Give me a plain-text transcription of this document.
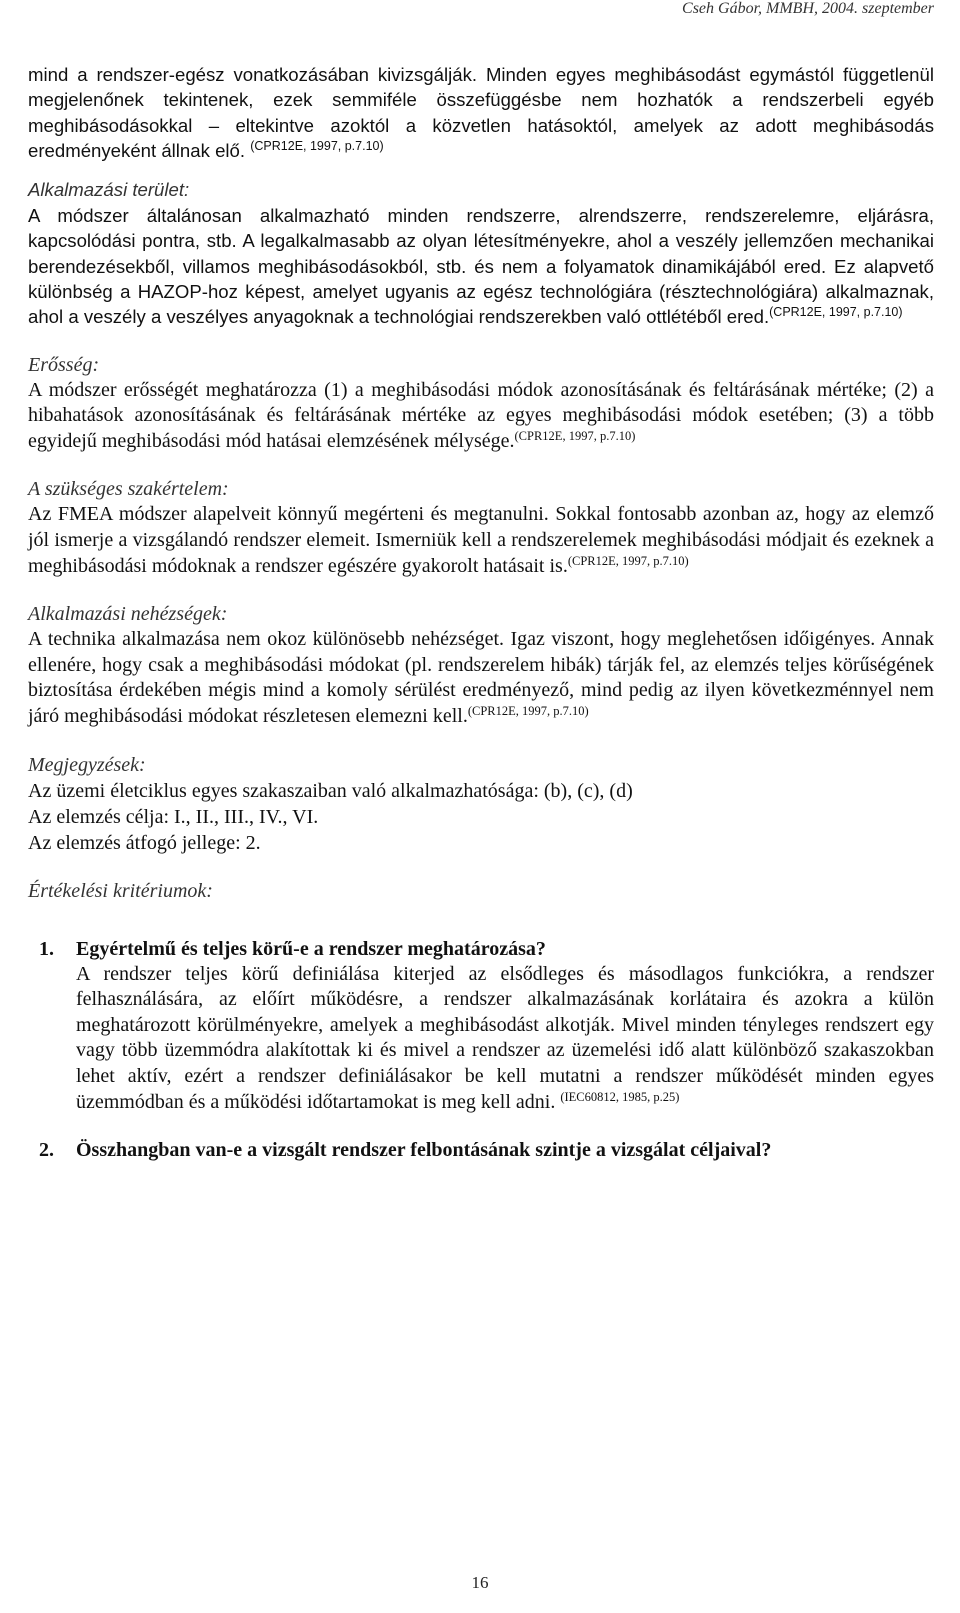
Cseh Gábor, MMBH, 2004. szeptember

mind a rendszer-egész vonatkozásában kivizsgálják. Minden egyes meghibásodást egymástól függetlenül megjelenőnek tekintenek, ezek semmiféle összefüggésbe nem hozhatók a rendszerbeli egyéb meghibásodásokkal – eltekintve azoktól a közvetlen hatásoktól, amelyek az adott meghibásodás eredményeként állnak elő. $^{(CPR12E, 1997, p.7.10)}$

Alkalmazási terület:

A módszer általánosan alkalmazható minden rendszerre, alrendszerre, rendszerelemre, eljárásra, kapcsolódási pontra, stb. A legalkalmasabb az olyan létesítményekre, ahol a veszély jellemzően mechanikai berendezésekből, villamos meghibásodásokból, stb. és nem a folyamatok dinamikájából ered. Ez alapvető különbség a HAZOP-hoz képest, amelyet ugyanis az egész technológiára (résztechnológiára) alkalmaznak, ahol a veszély a veszélyes anyagoknak a technológiai rendszerekben való ottlétéből ered.$^{(CPR12E, 1997, p.7.10)}$

Erősség:

A módszer erősségét meghatározza (1) a meghibásodási módok azonosításának és feltárásának mértéke; (2) a hibahatások azonosításának és feltárásának mértéke az egyes meghibásodási módok esetében; (3) a több egyidejű meghibásodási mód hatásai elemzésének mélysége.$^{(CPR12E, 1997, p.7.10)}$

A szükséges szakértelem:

Az FMEA módszer alapelveit könnyű megérteni és megtanulni. Sokkal fontosabb azonban az, hogy az elemző jól ismerje a vizsgálandó rendszer elemeit. Ismerniük kell a rendszerelemek meghibásodási módjait és ezeknek a meghibásodási módoknak a rendszer egészére gyakorolt hatásait is.$^{(CPR12E, 1997, p.7.10)}$

Alkalmazási nehézségek:

A technika alkalmazása nem okoz különösebb nehézséget. Igaz viszont, hogy meglehetősen időigényes. Annak ellenére, hogy csak a meghibásodási módokat (pl. rendszerelem hibák) tárják fel, az elemzés teljes körűségének biztosítása érdekében mégis mind a komoly sérülést eredményező, mind pedig az ilyen következménnyel nem járó meghibásodási módokat részletesen elemezni kell.$^{(CPR12E, 1997, p.7.10)}$

Megjegyzések:

Az üzemi életciklus egyes szakaszaiban való alkalmazhatósága: (b), (c), (d)

Az elemzés célja: I., II., III., IV., VI.

Az elemzés átfogó jellege: 2.

Értékelési kritériumok:

1. Egyértelmű és teljes körű-e a rendszer meghatározása?

A rendszer teljes körű definiálása kiterjed az elsődleges és másodlagos funkciókra, a rendszer felhasználására, az előírt működésre, a rendszer alkalmazásának korlátaira és azokra a külön meghatározott körülményekre, amelyek a meghibásodást alkotják. Mivel minden tényleges rendszert egy vagy több üzemmódra alakítottak ki és mivel a rendszer az üzemelési idő alatt különböző szakaszokban lehet aktív, ezért a rendszer definiálásakor be kell mutatni a rendszer működését minden egyes üzemmódban és a működési időtartamokat is meg kell adni. $^{(IEC60812, 1985, p.25)}$

2. Összhangban van-e a vizsgált rendszer felbontásának szintje a vizsgálat céljaival?

16
